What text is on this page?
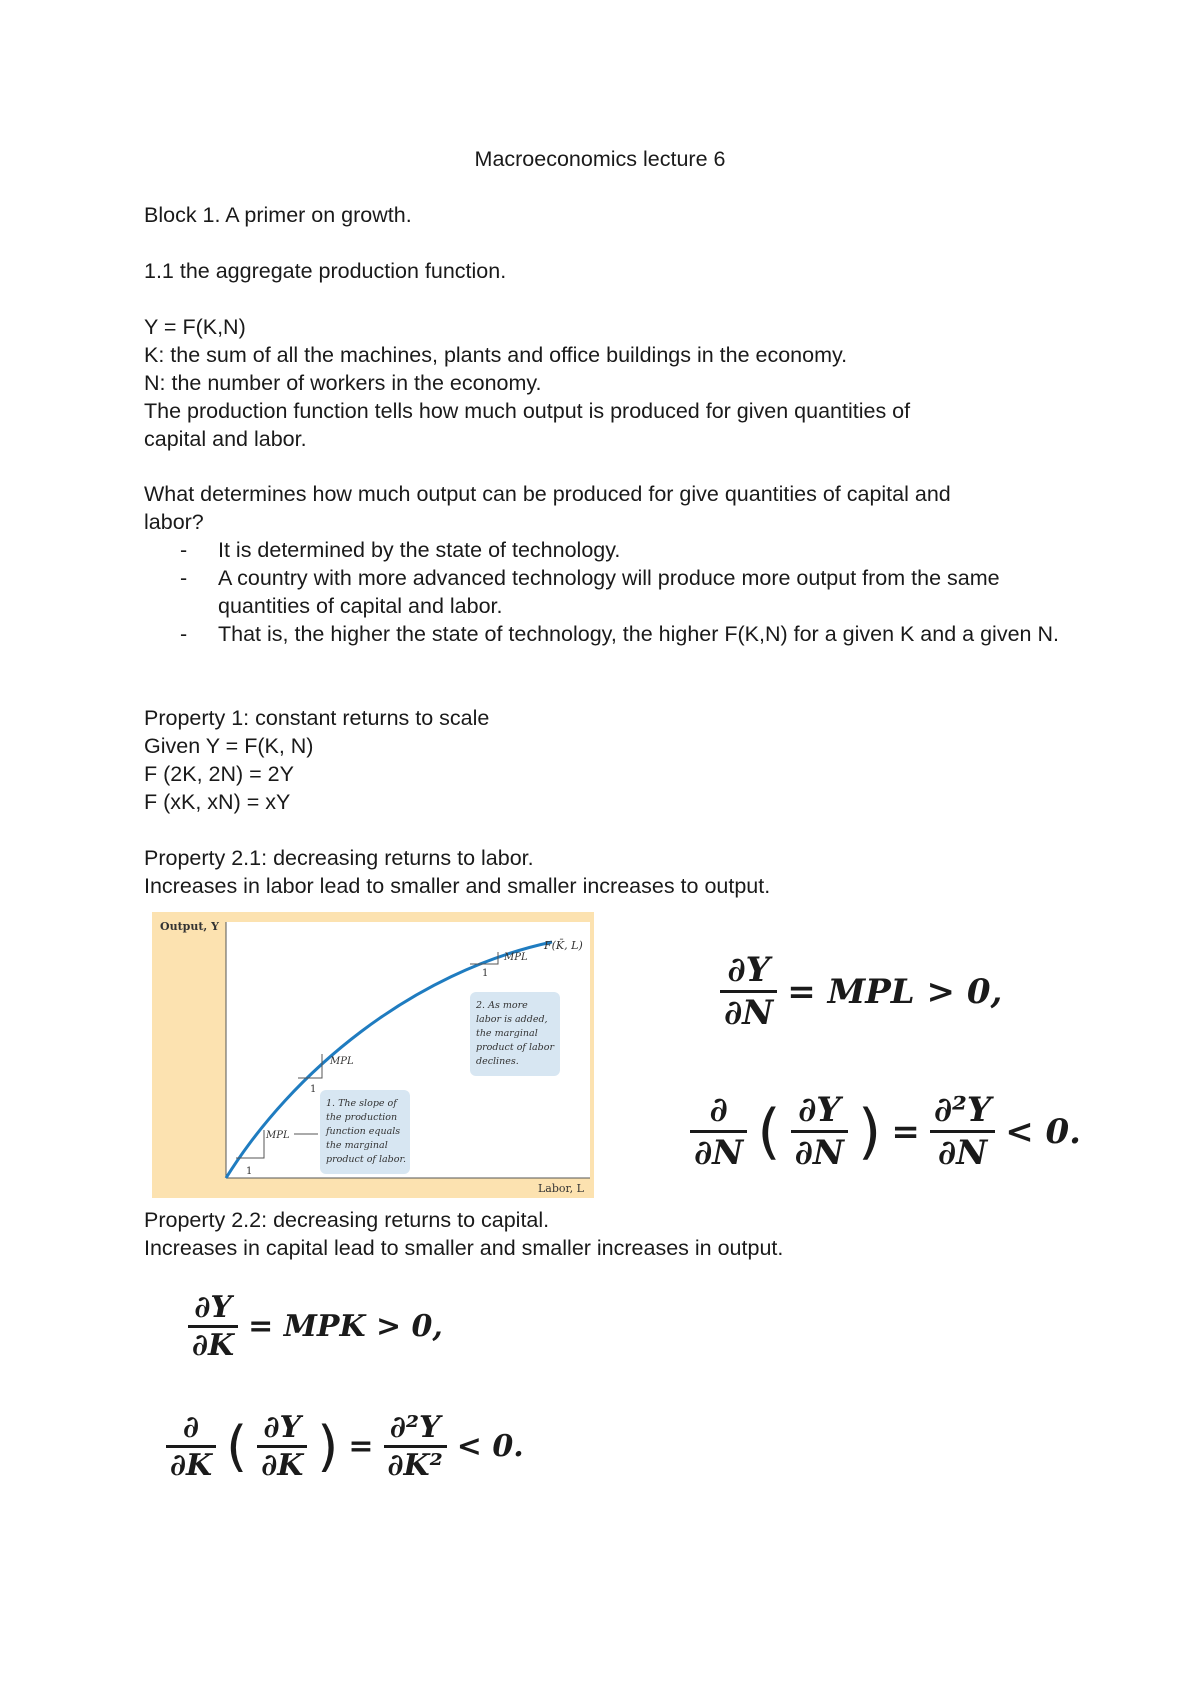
Macroeconomics lecture 6

Block 1. A primer on growth.

1.1 the aggregate production function.

Y = F(K,N)

K: the sum of all the machines, plants and office buildings in the economy.

N: the number of workers in the economy.

The production function tells how much output is produced for given quantities of

capital and labor.

What determines how much output can be produced for give quantities of capital and

labor?

- It is determined by the state of technology.
- A country with more advanced technology will produce more output from the same quantities of capital and labor.
- That is, the higher the state of technology, the higher F(K,N) for a given K and a given N.

Property 1: constant returns to scale

Given Y = F(K, N)

F (2K, 2N) = 2Y

F (xK, xN) = xY

Property 2.1: decreasing returns to labor.

Increases in labor lead to smaller and smaller increases to output.

Output, Y
Labor, L
F(K̄, L)
1
MPL
1
MPL
1
MPL
1. The slope of
the production
function equals
the marginal
product of labor.
2. As more
labor is added,
the marginal
product of labor
declines.
$\frac{\partial Y}{\partial N}$ = MPL > 0,
$\frac{\partial}{\partial N}$ ( $\frac{\partial Y}{\partial N}$ ) = $\frac{\text{∂²Y}}{\partial N} < 0$.

Property 2.2: decreasing returns to capital.

Increases in capital lead to smaller and smaller increases in output.

$\frac{\partial Y}{\partial K}$ = MPK > 0,
$\frac{\partial}{\partial K}$ ( $\frac{\partial Y}{\partial K}$ ) = $\frac{\text{∂²Y}}{\text{∂K²}} < 0$.
